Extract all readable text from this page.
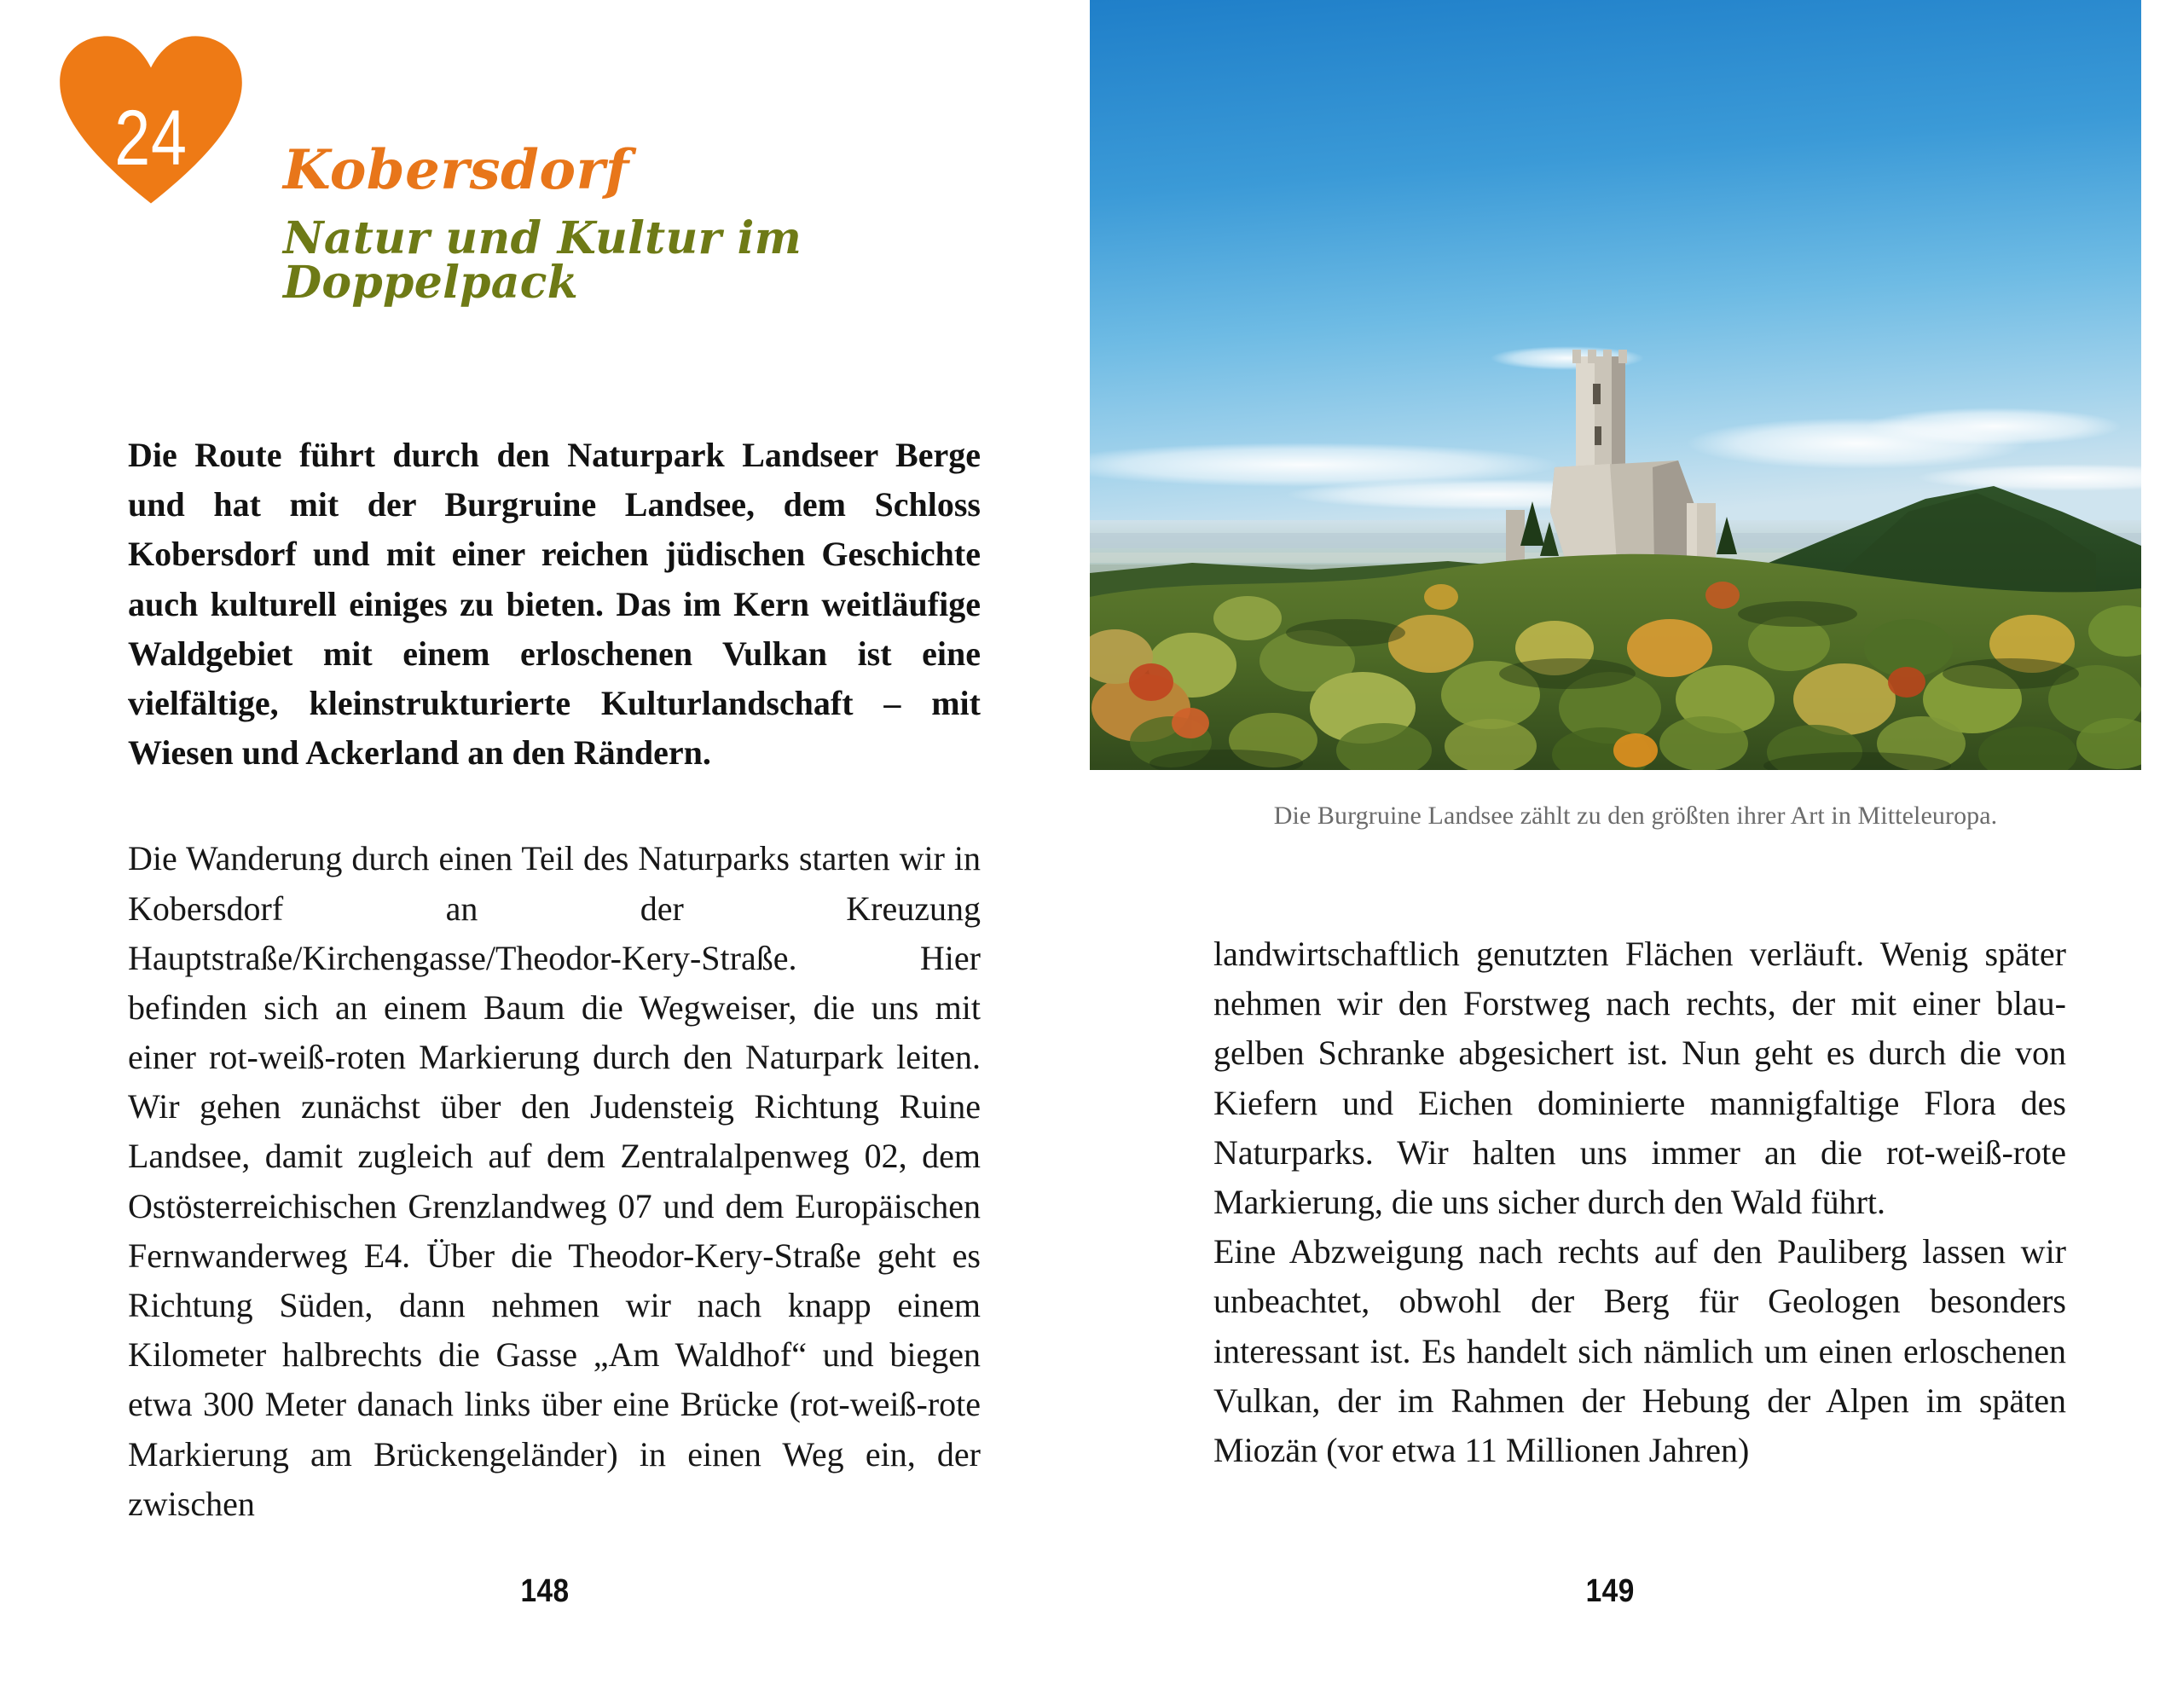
24	Kobersdorf
Natur und Kultur im Doppelpack

Die Route führt durch den Naturpark Landseer Berge und hat mit der Burgruine Landsee, dem Schloss Kobersdorf und mit einer reichen jüdischen Geschichte auch kulturell einiges zu bieten. Das im Kern weitläufige Waldgebiet mit einem erloschenen Vulkan ist eine vielfältige, kleinstrukturierte Kulturlandschaft – mit Wiesen und Ackerland an den Rändern.

Die Wanderung durch einen Teil des Naturparks starten wir in Kobersdorf an der Kreuzung Hauptstraße/Kirchengasse/Theodor-Kery-Straße. Hier befinden sich an einem Baum die Wegweiser, die uns mit einer rot-weiß-roten Markierung durch den Naturpark leiten. Wir gehen zunächst über den Judensteig Richtung Ruine Landsee, damit zugleich auf dem Zentralalpenweg 02, dem Ostösterreichischen Grenzlandweg 07 und dem Europäischen Fernwanderweg E4. Über die Theodor-Kery-Straße geht es Richtung Süden, dann nehmen wir nach knapp einem Kilometer halbrechts die Gasse „Am Waldhof“ und biegen etwa 300 Meter danach links über eine Brücke (rot-weiß-rote Markierung am Brückengeländer) in einen Weg ein, der zwischen

148
Die Burgruine Landsee zählt zu den größten ihrer Art in Mitteleuropa.

landwirtschaftlich genutzten Flächen verläuft. Wenig später nehmen wir den Forstweg nach rechts, der mit einer blau-gelben Schranke abgesichert ist. Nun geht es durch die von Kiefern und Eichen dominierte mannigfaltige Flora des Naturparks. Wir halten uns immer an die rot-weiß-rote Markierung, die uns sicher durch den Wald führt.

Eine Abzweigung nach rechts auf den Pauliberg lassen wir unbeachtet, obwohl der Berg für Geologen besonders interessant ist. Es handelt sich nämlich um einen erloschenen Vulkan, der im Rahmen der Hebung der Alpen im späten Miozän (vor etwa 11 Millionen Jahren)

149
